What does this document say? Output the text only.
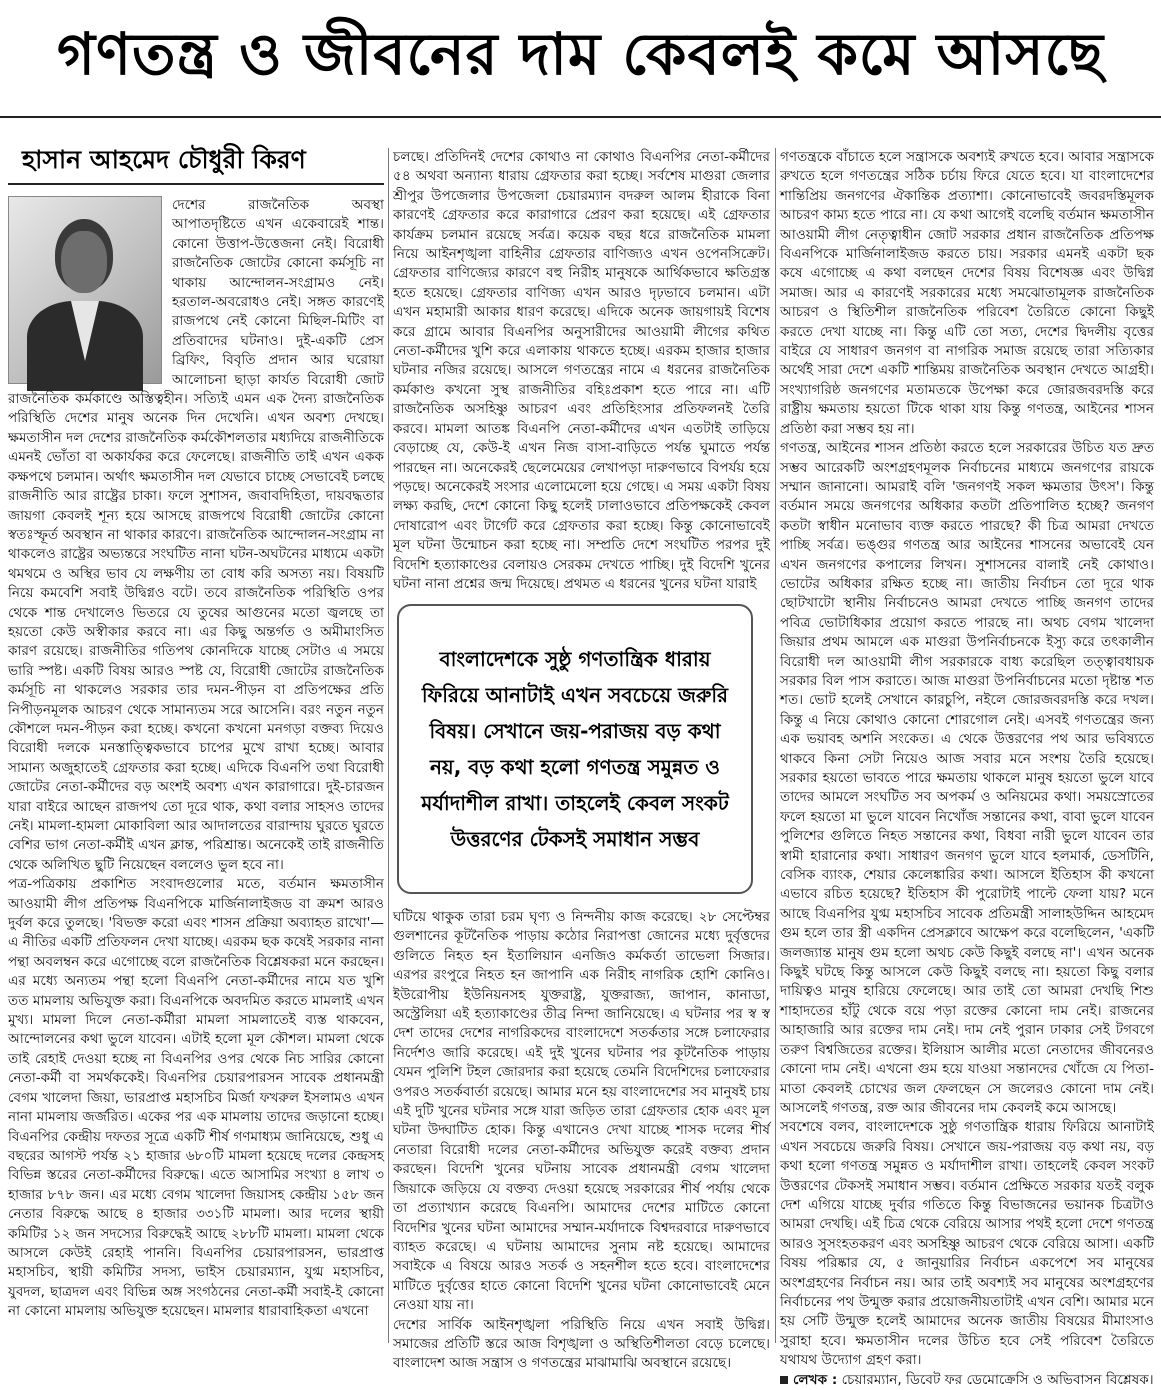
গণতন্ত্র ও জীবনের দাম কেবলই কমে আসছে
হাসান আহমেদ চৌধুরী কিরণ

দেশের রাজনৈতিক অবস্থা আপাতদৃষ্টিতে এখন একেবারেই শান্ত। কোনো উত্তাপ-উত্তেজনা নেই। বিরোধী রাজনৈতিক জোটের কোনো কর্মসূচি না থাকায় আন্দোলন-সংগ্রামও নেই। হরতাল-অবরোধও নেই। সঙ্গত কারণেই রাজপথে নেই কোনো মিছিল-মিটিং বা প্রতিবাদের ঘটনাও। দুই-একটি প্রেস ব্রিফিং, বিবৃতি প্রদান আর ঘরোয়া আলোচনা ছাড়া কার্যত বিরোধী জোট রাজনৈতিক কর্মকাণ্ডে অস্তিত্বহীন। সত্যিই এমন এক দৈন্য রাজনৈতিক পরিস্থিতি দেশের মানুষ অনেক দিন দেখেনি। এখন অবশ্য দেখছে। ক্ষমতাসীন দল দেশের রাজনৈতিক কর্মকৌশলতার মধ্যদিয়ে রাজনীতিকে এমনই ভোঁতা বা অকার্যকর করে ফেলেছে। রাজনীতি তাই এখন একক কক্ষপথে চলমান। অর্থাৎ ক্ষমতাসীন দল যেভাবে চাচ্ছে সেভাবেই চলছে রাজনীতি আর রাষ্ট্রের চাকা। ফলে সুশাসন, জবাবদিহিতা, দায়বদ্ধতার জায়গা কেবলই শূন্য হয়ে আসছে রাজপথে বিরোধী জোটের কোনো স্বতঃস্ফূর্ত অবস্থান না থাকার কারণে। রাজনৈতিক আন্দোলন-সংগ্রাম না থাকলেও রাষ্ট্রের অভ্যন্তরে সংঘটিত নানা ঘটন-অঘটনের মাধ্যমে একটা থমথমে ও অস্থির ভাব যে লক্ষণীয় তা বোধ করি অসত্য নয়। বিষয়টি নিয়ে কমবেশি সবাই উদ্বিগ্নও বটে। তবে রাজনৈতিক পরিস্থিতি ওপর থেকে শান্ত দেখালেও ভিতরে যে তুষের আগুনের মতো জ্বলছে তা হয়তো কেউ অস্বীকার করবে না। এর কিছু অন্তর্গত ও অমীমাংসিত কারণ রয়েছে। রাজনীতির গতিপথ কোনদিকে যাচ্ছে সেটাও এ সময়ে ভারি স্পষ্ট। একটি বিষয় আরও স্পষ্ট যে, বিরোধী জোটের রাজনৈতিক কর্মসূচি না থাকলেও সরকার তার দমন-পীড়ন বা প্রতিপক্ষের প্রতি নিপীড়নমূলক আচরণ থেকে সামান্যতম সরে আসেনি। বরং নতুন নতুন কৌশলে দমন-পীড়ন করা হচ্ছে। কখনো কখনো মনগড়া বক্তব্য দিয়েও বিরোধী দলকে মনস্তাত্ত্বিকভাবে চাপের মুখে রাখা হচ্ছে। আবার সামান্য অজুহাতেই গ্রেফতার করা হচ্ছে। এদিকে বিএনপি তথা বিরোধী জোটের নেতা-কর্মীদের বড় অংশই অবশ্য এখন কারাগারে। দুই-চারজন যারা বাইরে আছেন রাজপথ তো দূরে থাক, কথা বলার সাহসও তাদের নেই। মামলা-হামলা মোকাবিলা আর আদালতের বারান্দায় ঘুরতে ঘুরতে বেশির ভাগ নেতা-কর্মীই এখন ক্লান্ত, পরিশ্রান্ত। অনেকেই তাই রাজনীতি থেকে অলিখিত ছুটি নিয়েছেন বললেও ভুল হবে না।

পত্র-পত্রিকায় প্রকাশিত সংবাদগুলোর মতে, বর্তমান ক্ষমতাসীন আওয়ামী লীগ প্রতিপক্ষ বিএনপিকে মার্জিনালাইজড বা ক্রমশ আরও দুর্বল করে তুলছে। 'বিভক্ত করো এবং শাসন প্রক্রিয়া অব্যাহত রাখো'— এ নীতির একটি প্রতিফলন দেখা যাচ্ছে। এরকম ছক কষেই সরকার নানা পন্থা অবলম্বন করে এগোচ্ছে বলে রাজনৈতিক বিশ্লেষকরা মনে করছেন। এর মধ্যে অন্যতম পন্থা হলো বিএনপি নেতা-কর্মীদের নামে যত খুশি তত মামলায় অভিযুক্ত করা। বিএনপিকে অবদমিত করতে মামলাই এখন মুখ্য। মামলা দিলে নেতা-কর্মীরা মামলা সামলাতেই ব্যস্ত থাকবেন, আন্দোলনের কথা ভুলে যাবেন। এটাই হলো মূল কৌশল। মামলা থেকে তাই রেহাই দেওয়া হচ্ছে না বিএনপির ওপর থেকে নিচ সারির কোনো নেতা-কর্মী বা সমর্থককেই। বিএনপির চেয়ারপারসন সাবেক প্রধানমন্ত্রী বেগম খালেদা জিয়া, ভারপ্রাপ্ত মহাসচিব মির্জা ফখরুল ইসলামও এখন নানা মামলায় জর্জরিত। একের পর এক মামলায় তাদের জড়ানো হচ্ছে। বিএনপির কেন্দ্রীয় দফতর সূত্রে একটি শীর্ষ গণমাধ্যম জানিয়েছে, শুধু এ বছরের আগস্ট পর্যন্ত ২১ হাজার ৬৮০টি মামলা হয়েছে দলের কেন্দ্রসহ বিভিন্ন স্তরের নেতা-কর্মীদের বিরুদ্ধে। এতে আসামির সংখ্যা ৪ লাখ ৩ হাজার ৮৭৮ জন। এর মধ্যে বেগম খালেদা জিয়াসহ কেন্দ্রীয় ১৫৮ জন নেতার বিরুদ্ধে আছে ৪ হাজার ৩৩১টি মামলা। আর দলের স্থায়ী কমিটির ১২ জন সদস্যের বিরুদ্ধেই আছে ২৮৮টি মামলা। মামলা থেকে আসলে কেউই রেহাই পাননি। বিএনপির চেয়ারপারসন, ভারপ্রাপ্ত মহাসচিব, স্থায়ী কমিটির সদস্য, ভাইস চেয়ারম্যান, যুগ্ম মহাসচিব, যুবদল, ছাত্রদল এবং বিভিন্ন অঙ্গ সংগঠনের নেতা-কর্মী সবাই-ই কোনো না কোনো মামলায় অভিযুক্ত হয়েছেন। মামলার ধারাবাহিকতা এখনো

চলছে। প্রতিদিনই দেশের কোথাও না কোথাও বিএনপির নেতা-কর্মীদের ৫৪ অথবা অন্যান্য ধারায় গ্রেফতার করা হচ্ছে। সর্বশেষ মাগুরা জেলার শ্রীপুর উপজেলার উপজেলা চেয়ারম্যান বদরুল আলম হীরাকে বিনা কারণেই গ্রেফতার করে কারাগারে প্রেরণ করা হয়েছে। এই গ্রেফতার কার্যক্রম চলমান রয়েছে সর্বত্র। কয়েক বছর ধরে রাজনৈতিক মামলা নিয়ে আইনশৃঙ্খলা বাহিনীর গ্রেফতার বাণিজ্যও এখন ওপেনসিক্রেট। গ্রেফতার বাণিজ্যের কারণে বহু নিরীহ মানুষকে আর্থিকভাবে ক্ষতিগ্রস্ত হতে হয়েছে। গ্রেফতার বাণিজ্য এখন আরও দৃঢ়ভাবে চলমান। এটা এখন মহামারী আকার ধারণ করেছে। এদিকে অনেক জায়গায়ই বিশেষ করে গ্রামে আবার বিএনপির অনুসারীদের আওয়ামী লীগের কথিত নেতা-কর্মীদের খুশি করে এলাকায় থাকতে হচ্ছে। এরকম হাজার হাজার ঘটনার নজির রয়েছে। আসলে গণতন্ত্রের নামে এ ধরনের রাজনৈতিক কর্মকাণ্ড কখনো সুস্থ রাজনীতির বহিঃপ্রকাশ হতে পারে না। এটি রাজনৈতিক অসহিষ্ণু আচরণ এবং প্রতিহিংসার প্রতিফলনই তৈরি করবে। মামলা আতঙ্ক বিএনপি নেতা-কর্মীদের এখন এতটাই তাড়িয়ে বেড়াচ্ছে যে, কেউ-ই এখন নিজ বাসা-বাড়িতে পর্যন্ত ঘুমাতে পর্যন্ত পারছেন না। অনেকেরই ছেলেমেয়ের লেখাপড়া দারুণভাবে বিপর্যয় হয়ে পড়ছে। অনেকেরই সংসার এলোমেলো হয়ে গেছে। এ সময় একটা বিষয় লক্ষ্য করছি, দেশে কোনো কিছু হলেই ঢালাওভাবে প্রতিপক্ষকেই কেবল দোষারোপ এবং টার্গেট করে গ্রেফতার করা হচ্ছে। কিন্তু কোনোভাবেই মূল ঘটনা উন্মোচন করা হচ্ছে না। সম্প্রতি দেশে সংঘটিত পরপর দুই বিদেশি হত্যাকাণ্ডের বেলায়ও সেরকম দেখতে পাচ্ছি। দুই বিদেশি খুনের ঘটনা নানা প্রশ্নের জন্ম দিয়েছে। প্রথমত এ ধরনের খুনের ঘটনা যারাই

বাংলাদেশকে সুষ্ঠু গণতান্ত্রিক ধারায় ফিরিয়ে আনাটাই এখন সবচেয়ে জরুরি বিষয়। সেখানে জয়-পরাজয় বড় কথা নয়, বড় কথা হলো গণতন্ত্র সমুন্নত ও মর্যাদাশীল রাখা। তাহলেই কেবল সংকট উত্তরণের টেকসই সমাধান সম্ভব

ঘটিয়ে থাকুক তারা চরম ঘৃণ্য ও নিন্দনীয় কাজ করেছে। ২৮ সেপ্টেম্বর গুলশানের কূটনৈতিক পাড়ায় কঠোর নিরাপত্তা জোনের মধ্যে দুর্বৃত্তদের গুলিতে নিহত হন ইতালিয়ান এনজিও কর্মকর্তা তাভেলা সিজার। এরপর রংপুরে নিহত হন জাপানি এক নিরীহ নাগরিক হোশি কোনিও। ইউরোপীয় ইউনিয়নসহ যুক্তরাষ্ট্র, যুক্তরাজ্য, জাপান, কানাডা, অস্ট্রেলিয়া এই হত্যাকাণ্ডের তীব্র নিন্দা জানিয়েছে। এ ঘটনার পর স্ব স্ব দেশ তাদের দেশের নাগরিকদের বাংলাদেশে সতর্কতার সঙ্গে চলাফেরার নির্দেশও জারি করেছে। এই দুই খুনের ঘটনার পর কূটনৈতিক পাড়ায় যেমন পুলিশি টহল জোরদার করা হয়েছে তেমনি বিদেশিদের চলাফেরার ওপরও সতর্কবার্তা রয়েছে। আমার মনে হয় বাংলাদেশের সব মানুষই চায় এই দুটি খুনের ঘটনার সঙ্গে যারা জড়িত তারা গ্রেফতার হোক এবং মূল ঘটনা উদ্ঘাটিত হোক। কিন্তু এখানেও দেখা যাচ্ছে শাসক দলের শীর্ষ নেতারা বিরোধী দলের নেতা-কর্মীদের অভিযুক্ত করেই বক্তব্য প্রদান করছেন। বিদেশি খুনের ঘটনায় সাবেক প্রধানমন্ত্রী বেগম খালেদা জিয়াকে জড়িয়ে যে বক্তব্য দেওয়া হয়েছে সরকারের শীর্ষ পর্যায় থেকে তা প্রত্যাখ্যান করেছে বিএনপি। আমাদের দেশের মাটিতে কোনো বিদেশির খুনের ঘটনা আমাদের সম্মান-মর্যাদাকে বিশ্বদরবারে দারুণভাবে ব্যাহত করেছে। এ ঘটনায় আমাদের সুনাম নষ্ট হয়েছে। আমাদের সবাইকে এ বিষয়ে আরও সতর্ক ও সহনশীল হতে হবে। বাংলাদেশের মাটিতে দুর্বৃত্তের হাতে কোনো বিদেশি খুনের ঘটনা কোনোভাবেই মেনে নেওয়া যায় না।

দেশের সার্বিক আইনশৃঙ্খলা পরিস্থিতি নিয়ে এখন সবাই উদ্বিগ্ন। সমাজের প্রতিটি স্তরে আজ বিশৃঙ্খলা ও অস্থিতিশীলতা বেড়ে চলেছে। বাংলাদেশ আজ সন্ত্রাস ও গণতন্ত্রের মাঝামাঝি অবস্থানে রয়েছে।

গণতন্ত্রকে বাঁচাতে হলে সন্ত্রাসকে অবশ্যই রুখতে হবে। আবার সন্ত্রাসকে রুখতে হলে গণতন্ত্রের সঠিক চর্চায় ফিরে যেতে হবে। যা বাংলাদেশের শান্তিপ্রিয় জনগণের ঐকান্তিক প্রত্যাশা। কোনোভাবেই জবরদস্তিমূলক আচরণ কাম্য হতে পারে না। যে কথা আগেই বলেছি বর্তমান ক্ষমতাসীন আওয়ামী লীগ নেতৃত্বাধীন জোট সরকার প্রধান রাজনৈতিক প্রতিপক্ষ বিএনপিকে মার্জিনালাইজড করতে চায়। সরকার এমনই একটা ছক কষে এগোচ্ছে এ কথা বলছেন দেশের বিষয় বিশেষজ্ঞ এবং উদ্বিগ্ন সমাজ। আর এ কারণেই সরকারের মধ্যে সমঝোতামূলক রাজনৈতিক আচরণ ও স্থিতিশীল রাজনৈতিক পরিবেশ তৈরিতে কোনো কিছুই করতে দেখা যাচ্ছে না। কিন্তু এটি তো সত্য, দেশের দ্বিদলীয় বৃত্তের বাইরে যে সাধারণ জনগণ বা নাগরিক সমাজ রয়েছে তারা সত্যিকার অর্থেই সারা দেশে একটি শান্তিময় রাজনৈতিক অবস্থান দেখতে আগ্রহী। সংখ্যাগরিষ্ঠ জনগণের মতামতকে উপেক্ষা করে জোরজবরদস্তি করে রাষ্ট্রীয় ক্ষমতায় হয়তো টিকে থাকা যায় কিন্তু গণতন্ত্র, আইনের শাসন প্রতিষ্ঠা করা সম্ভব হয় না।

গণতন্ত্র, আইনের শাসন প্রতিষ্ঠা করতে হলে সরকারের উচিত যত দ্রুত সম্ভব আরেকটি অংশগ্রহণমূলক নির্বাচনের মাধ্যমে জনগণের রায়কে সম্মান জানানো। আমরাই বলি 'জনগণই সকল ক্ষমতার উৎস'। কিন্তু বর্তমান সময়ে জনগণের অধিকার কতটা প্রতিপালিত হচ্ছে? জনগণ কতটা স্বাধীন মনোভাব ব্যক্ত করতে পারছে? কী চিত্র আমরা দেখতে পাচ্ছি সর্বত্র। ভঙ্গুর গণতন্ত্র আর আইনের শাসনের অভাবেই যেন এখন জনগণের কপালের লিখন। সুশাসনের বালাই নেই কোথাও। ভোটের অধিকার রক্ষিত হচ্ছে না। জাতীয় নির্বাচন তো দূরে থাক ছোটখাটো স্থানীয় নির্বাচনেও আমরা দেখতে পাচ্ছি জনগণ তাদের পবিত্র ভোটাধিকার প্রয়োগ করতে পারছে না। অথচ বেগম খালেদা জিয়ার প্রথম আমলে এক মাগুরা উপনির্বাচনকে ইস্যু করে তৎকালীন বিরোধী দল আওয়ামী লীগ সরকারকে বাধ্য করেছিল তত্ত্বাবধায়ক সরকার বিল পাস করাতে। আজ মাগুরা উপনির্বাচনের মতো দৃষ্টান্ত শত শত। ভোট হলেই সেখানে কারচুপি, নইলে জোরজবরদস্তি করে দখল। কিন্তু এ নিয়ে কোথাও কোনো শোরগোল নেই। এসবই গণতন্ত্রের জন্য এক ভয়াবহ অশনি সংকেত। এ থেকে উত্তরণের পথ আর ভবিষ্যতে থাকবে কিনা সেটা নিয়েও আজ সবার মনে সংশয় তৈরি হয়েছে। সরকার হয়তো ভাবতে পারে ক্ষমতায় থাকলে মানুষ হয়তো ভুলে যাবে তাদের আমলে সংঘটিত সব অপকর্ম ও অনিয়মের কথা। সময়স্রোতের ফলে হয়তো মা ভুলে যাবেন নিখোঁজ সন্তানের কথা, বাবা ভুলে যাবেন পুলিশের গুলিতে নিহত সন্তানের কথা, বিধবা নারী ভুলে যাবেন তার স্বামী হারানোর কথা। সাধারণ জনগণ ভুলে যাবে হলমার্ক, ডেসটিনি, বেসিক ব্যাংক, শেয়ার কেলেঙ্কারির কথা। আসলে ইতিহাস কী কখনো এভাবে রচিত হয়েছে? ইতিহাস কী পুরোটাই পাল্টে ফেলা যায়? মনে আছে বিএনপির যুগ্ম মহাসচিব সাবেক প্রতিমন্ত্রী সালাহউদ্দিন আহমেদ গুম হলে তার স্ত্রী একদিন প্রেসক্লাবে আক্ষেপ করে বলেছিলেন, 'একটি জলজ্যান্ত মানুষ গুম হলো অথচ কেউ কিছুই বলছে না'। এখন অনেক কিছুই ঘটছে কিন্তু আসলে কেউ কিছুই বলছে না। হয়তো কিছু বলার দায়িত্বও মানুষ হারিয়ে ফেলেছে। আর তাই তো আমরা দেখছি শিশু শাহাদতের হাঁটু থেকে বয়ে পড়া রক্তের কোনো দাম নেই। রাজনের আহাজারি আর রক্তের দাম নেই। দাম নেই পুরান ঢাকার সেই টগবগে তরুণ বিশ্বজিতের রক্তের। ইলিয়াস আলীর মতো নেতাদের জীবনেরও কোনো দাম নেই। এখনো গুম হয়ে যাওয়া সন্তানদের খোঁজে যে পিতা-মাতা কেবলই চোখের জল ফেলছেন সে জলেরও কোনো দাম নেই। আসলেই গণতন্ত্র, রক্ত আর জীবনের দাম কেবলই কমে আসছে।

সবশেষে বলব, বাংলাদেশকে সুষ্ঠু গণতান্ত্রিক ধারায় ফিরিয়ে আনাটাই এখন সবচেয়ে জরুরি বিষয়। সেখানে জয়-পরাজয় বড় কথা নয়, বড় কথা হলো গণতন্ত্র সমুন্নত ও মর্যাদাশীল রাখা। তাহলেই কেবল সংকট উত্তরণের টেকসই সমাধান সম্ভব। বর্তমান প্রেক্ষিতে সরকার যতই বলুক দেশ এগিয়ে যাচ্ছে দুর্বার গতিতে কিন্তু বিভাজনের ভয়ানক চিত্রটাও আমরা দেখছি। এই চিত্র থেকে বেরিয়ে আসার পথই হলো দেশে গণতন্ত্র আরও সুসংহতকরণ এবং অসহিষ্ণু আচরণ থেকে বেরিয়ে আসা। একটি বিষয় পরিষ্কার যে, ৫ জানুয়ারির নির্বাচন একপেশে সব মানুষের অংশগ্রহণের নির্বাচন নয়। আর তাই অবশ্যই সব মানুষের অংশগ্রহণের নির্বাচনের পথ উন্মুক্ত করার প্রয়োজনীয়তাটাই এখন বেশি। আমার মনে হয় সেটি উন্মুক্ত হলেই আমাদের অনেক জাতীয় বিষয়ের মীমাংসাও সুরাহা হবে। ক্ষমতাসীন দলের উচিত হবে সেই পরিবেশ তৈরিতে যথাযথ উদ্যোগ গ্রহণ করা।

লেখক : চেয়ারম্যান, ডিবেট ফর ডেমোক্রেসি ও অভিবাসন বিশ্লেষক।
